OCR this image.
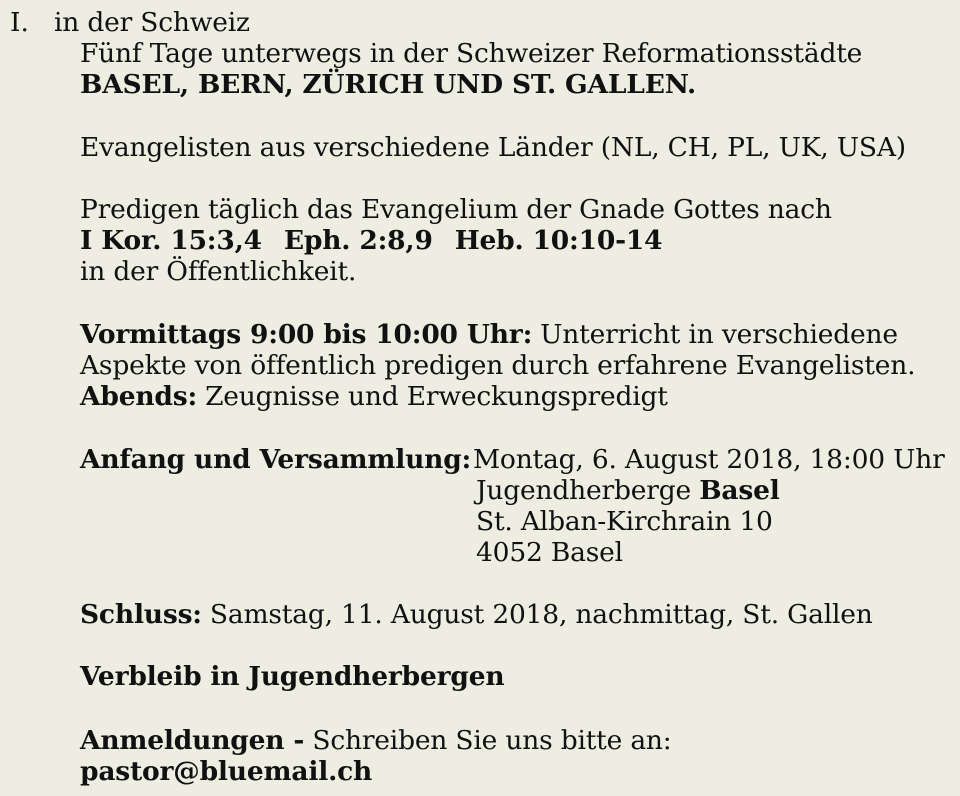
I. in der Schweiz
Fünf Tage unterwegs in der Schweizer Reformationsstädte
BASEL, BERN, ZÜRICH UND ST. GALLEN.
Evangelisten aus verschiedene Länder (NL, CH, PL, UK, USA)
Predigen täglich das Evangelium der Gnade Gottes nach
I Kor. 15:3,4 Eph. 2:8,9 Heb. 10:10-14
in der Öffentlichkeit.
Vormittags 9:00 bis 10:00 Uhr: Unterricht in verschiedene
Aspekte von öffentlich predigen durch erfahrene Evangelisten.
Abends: Zeugnisse und Erweckungspredigt
Anfang und Versammlung: Montag, 6. August 2018, 18:00 Uhr
Jugendherberge Basel
St. Alban-Kirchrain 10
4052 Basel
Schluss: Samstag, 11. August 2018, nachmittag, St. Gallen
Verbleib in Jugendherbergen
Anmeldungen - Schreiben Sie uns bitte an:
pastor@bluemail.ch
